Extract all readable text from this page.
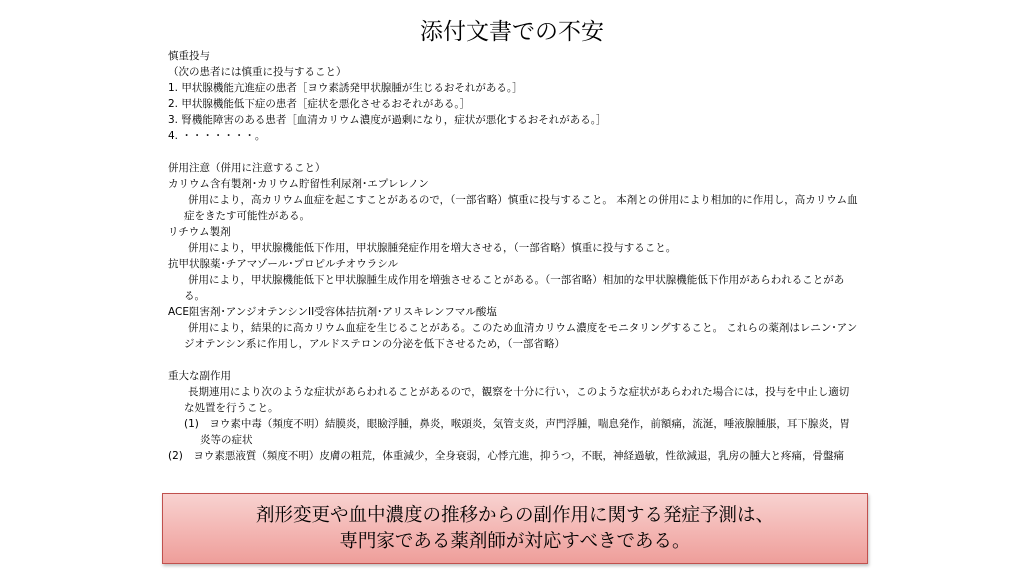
添付文書での不安
慎重投与
（次の患者には慎重に投与すること）
1. 甲状腺機能亢進症の患者［ヨウ素誘発甲状腺腫が生じるおそれがある。］
2. 甲状腺機能低下症の患者［症状を悪化させるおそれがある。］
3. 腎機能障害のある患者［血清カリウム濃度が過剰になり，症状が悪化するおそれがある。］
4. ・・・・・・・。
併用注意（併用に注意すること）
カリウム含有製剤･カリウム貯留性利尿剤･エプレレノン
併用により，高カリウム血症を起こすことがあるので，（一部省略）慎重に投与すること。 本剤との併用により相加的に作用し，高カリウム血症をきたす可能性がある。
リチウム製剤
併用により，甲状腺機能低下作用，甲状腺腫発症作用を増大させる，（一部省略）慎重に投与すること。
抗甲状腺薬･チアマゾール･プロピルチオウラシル
併用により，甲状腺機能低下と甲状腺腫生成作用を増強させることがある。（一部省略）相加的な甲状腺機能低下作用があらわれることがある。
ACE阻害剤･アンジオテンシンII受容体拮抗剤･アリスキレンフマル酸塩
併用により，結果的に高カリウム血症を生じることがある。このため血清カリウム濃度をモニタリングすること。 これらの薬剤はレニン･アンジオテンシン系に作用し，アルドステロンの分泌を低下させるため，（一部省略）
重大な副作用
長期連用により次のような症状があらわれることがあるので，観察を十分に行い，このような症状があらわれた場合には，投与を中止し適切な処置を行うこと。
(1)　ヨウ素中毒（頻度不明）結膜炎，眼瞼浮腫，鼻炎，喉頭炎，気管支炎，声門浮腫，喘息発作，前額痛，流涎，唾液腺腫脹，耳下腺炎，胃炎等の症状
(2)　ヨウ素悪液質（頻度不明）皮膚の粗荒，体重減少，全身衰弱，心悸亢進，抑うつ，不眠，神経過敏，性欲減退，乳房の腫大と疼痛，骨盤痛
剤形変更や血中濃度の推移からの副作用に関する発症予測は、
専門家である薬剤師が対応すべきである。
